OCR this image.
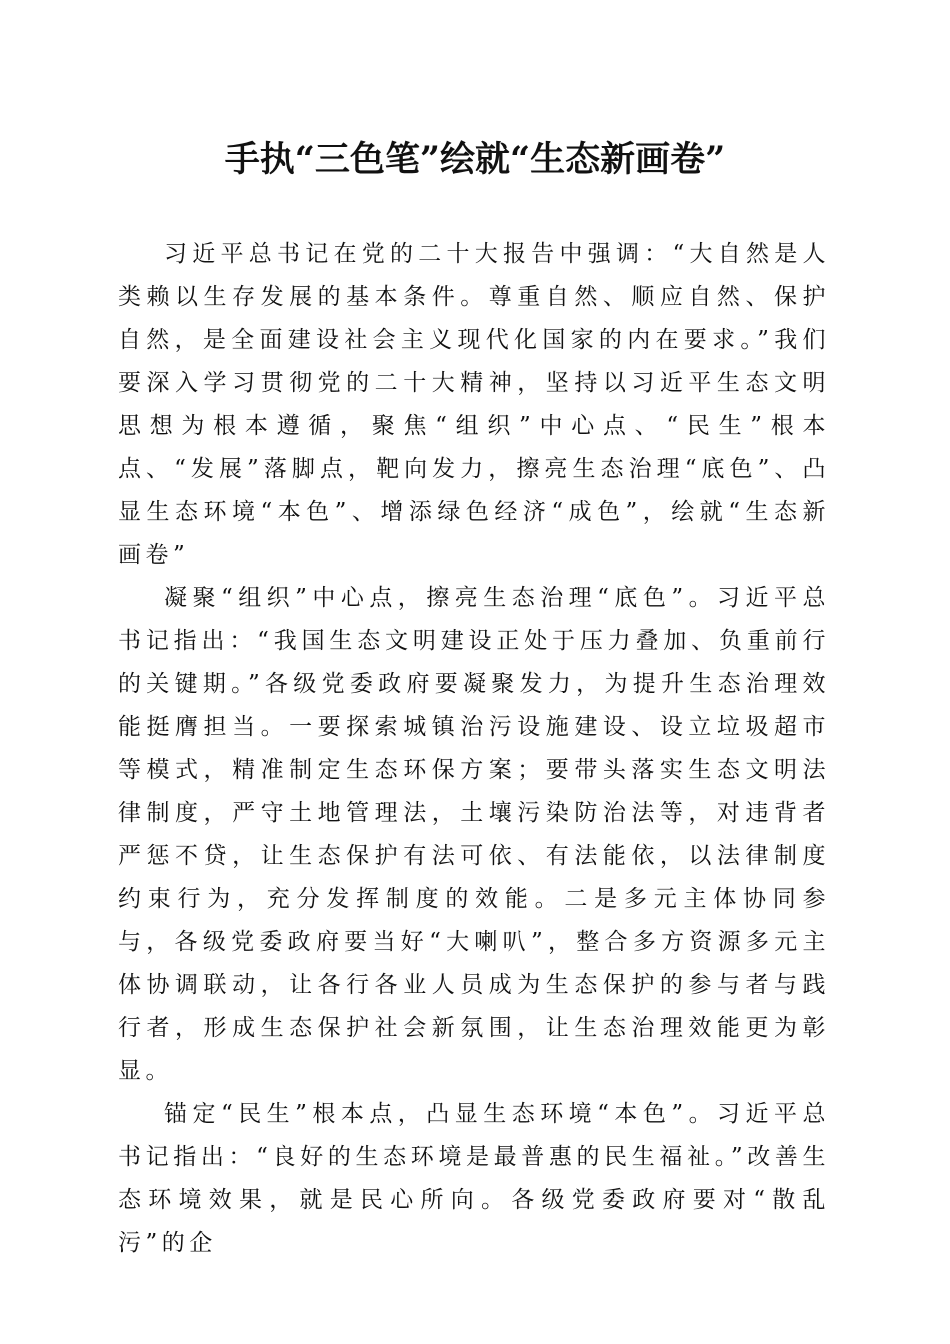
手执“三色笔”绘就“生态新画卷”

习近平总书记在党的二十大报告中强调：“大自然是人类赖以生存发展的基本条件。尊重自然、顺应自然、保护自然，是全面建设社会主义现代化国家的内在要求。”我们要深入学习贯彻党的二十大精神，坚持以习近平生态文明思想为根本遵循，聚焦“组织”中心点、“民生”根本点、“发展”落脚点，靶向发力，擦亮生态治理“底色”、凸显生态环境“本色”、增添绿色经济“成色”，绘就“生态新画卷”

凝聚“组织”中心点，擦亮生态治理“底色”。习近平总书记指出：“我国生态文明建设正处于压力叠加、负重前行的关键期。”各级党委政府要凝聚发力，为提升生态治理效能挺膺担当。一要探索城镇治污设施建设、设立垃圾超市等模式，精准制定生态环保方案；要带头落实生态文明法律制度，严守土地管理法，土壤污染防治法等，对违背者严惩不贷，让生态保护有法可依、有法能依，以法律制度约束行为，充分发挥制度的效能。二是多元主体协同参与，各级党委政府要当好“大喇叭”，整合多方资源多元主体协调联动，让各行各业人员成为生态保护的参与者与践行者，形成生态保护社会新氛围，让生态治理效能更为彰显。

锚定“民生”根本点，凸显生态环境“本色”。习近平总书记指出：“良好的生态环境是最普惠的民生福祉。”改善生态环境效果，就是民心所向。各级党委政府要对“散乱污”的企
